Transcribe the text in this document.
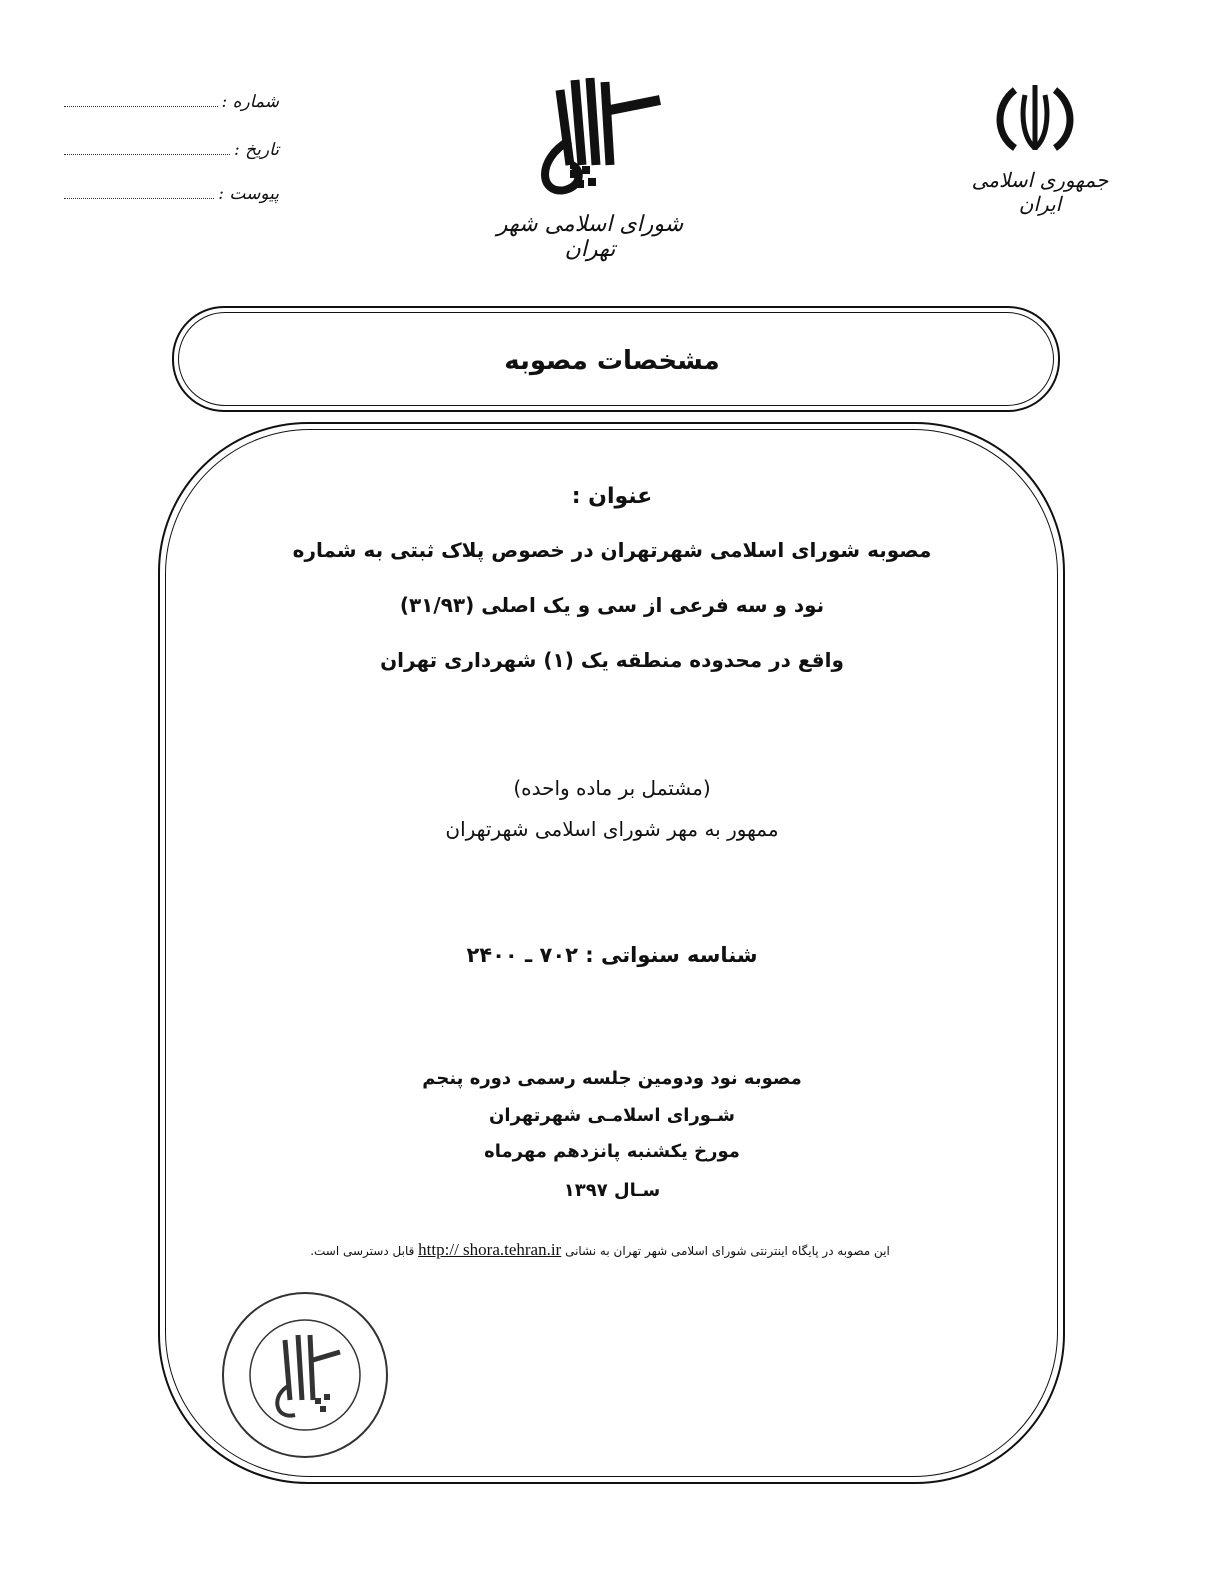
شماره :
تاریخ :
پیوست :
شورای اسلامی شهر تهران
جمهوری اسلامی ایران
مشخصات مصوبه
عنوان :
مصوبه شورای اسلامی شهرتهران در خصوص پلاک ثبتی به شماره
نود و سه فرعی از سی و یک اصلی (۳۱/۹۳)
واقع در محدوده منطقه یک (۱) شهرداری تهران
(مشتمل بر ماده واحده)
ممهور به مهر شورای اسلامی شهرتهران
شناسه سنواتی : ۷۰۲ ـ ۲۴۰۰
مصوبه نود ودومین جلسه رسمی دوره پنجم
شـورای اسلامـی شهرتهران
مورخ یکشنبه پانزدهم مهرماه
سـال ۱۳۹۷
این مصوبه در پایگاه اینترنتی شورای اسلامی شهر تهران به نشانی http:// shora.tehran.ir قابل دسترسی است.
